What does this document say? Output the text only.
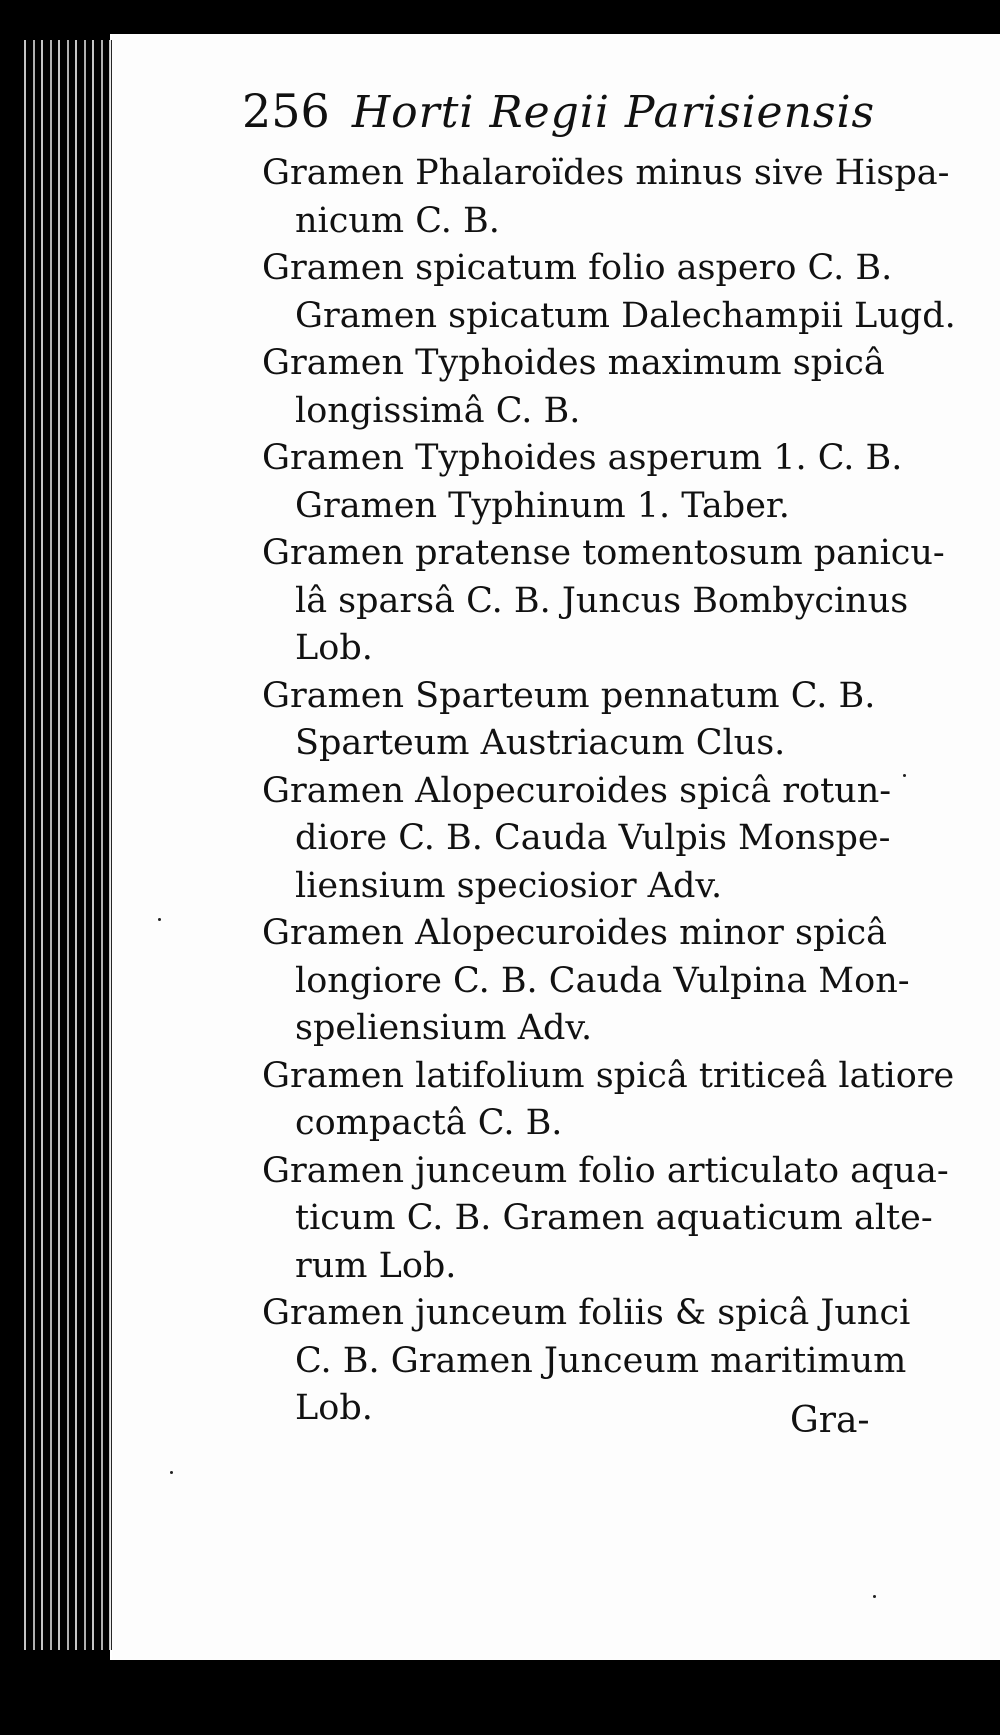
256 Horti Regii Parisiensis
Gramen Phalaroïdes minus sive Hispa-
nicum C. B.
Gramen spicatum folio aspero C. B.
Gramen spicatum Dalechampii Lugd.
Gramen Typhoides maximum spicâ
longissimâ C. B.
Gramen Typhoides asperum 1. C. B.
Gramen Typhinum 1. Taber.
Gramen pratense tomentosum panicu-
lâ sparsâ C. B. Juncus Bombycinus
Lob.
Gramen Sparteum pennatum C. B.
Sparteum Austriacum Clus.
Gramen Alopecuroides spicâ rotun-
diore C. B. Cauda Vulpis Monspe-
liensium speciosior Adv.
Gramen Alopecuroides minor spicâ
longiore C. B. Cauda Vulpina Mon-
speliensium Adv.
Gramen latifolium spicâ triticeâ latiore
compactâ C. B.
Gramen junceum folio articulato aqua-
ticum C. B. Gramen aquaticum alte-
rum Lob.
Gramen junceum foliis & spicâ Junci
C. B. Gramen Junceum maritimum
Lob.	Gra-
